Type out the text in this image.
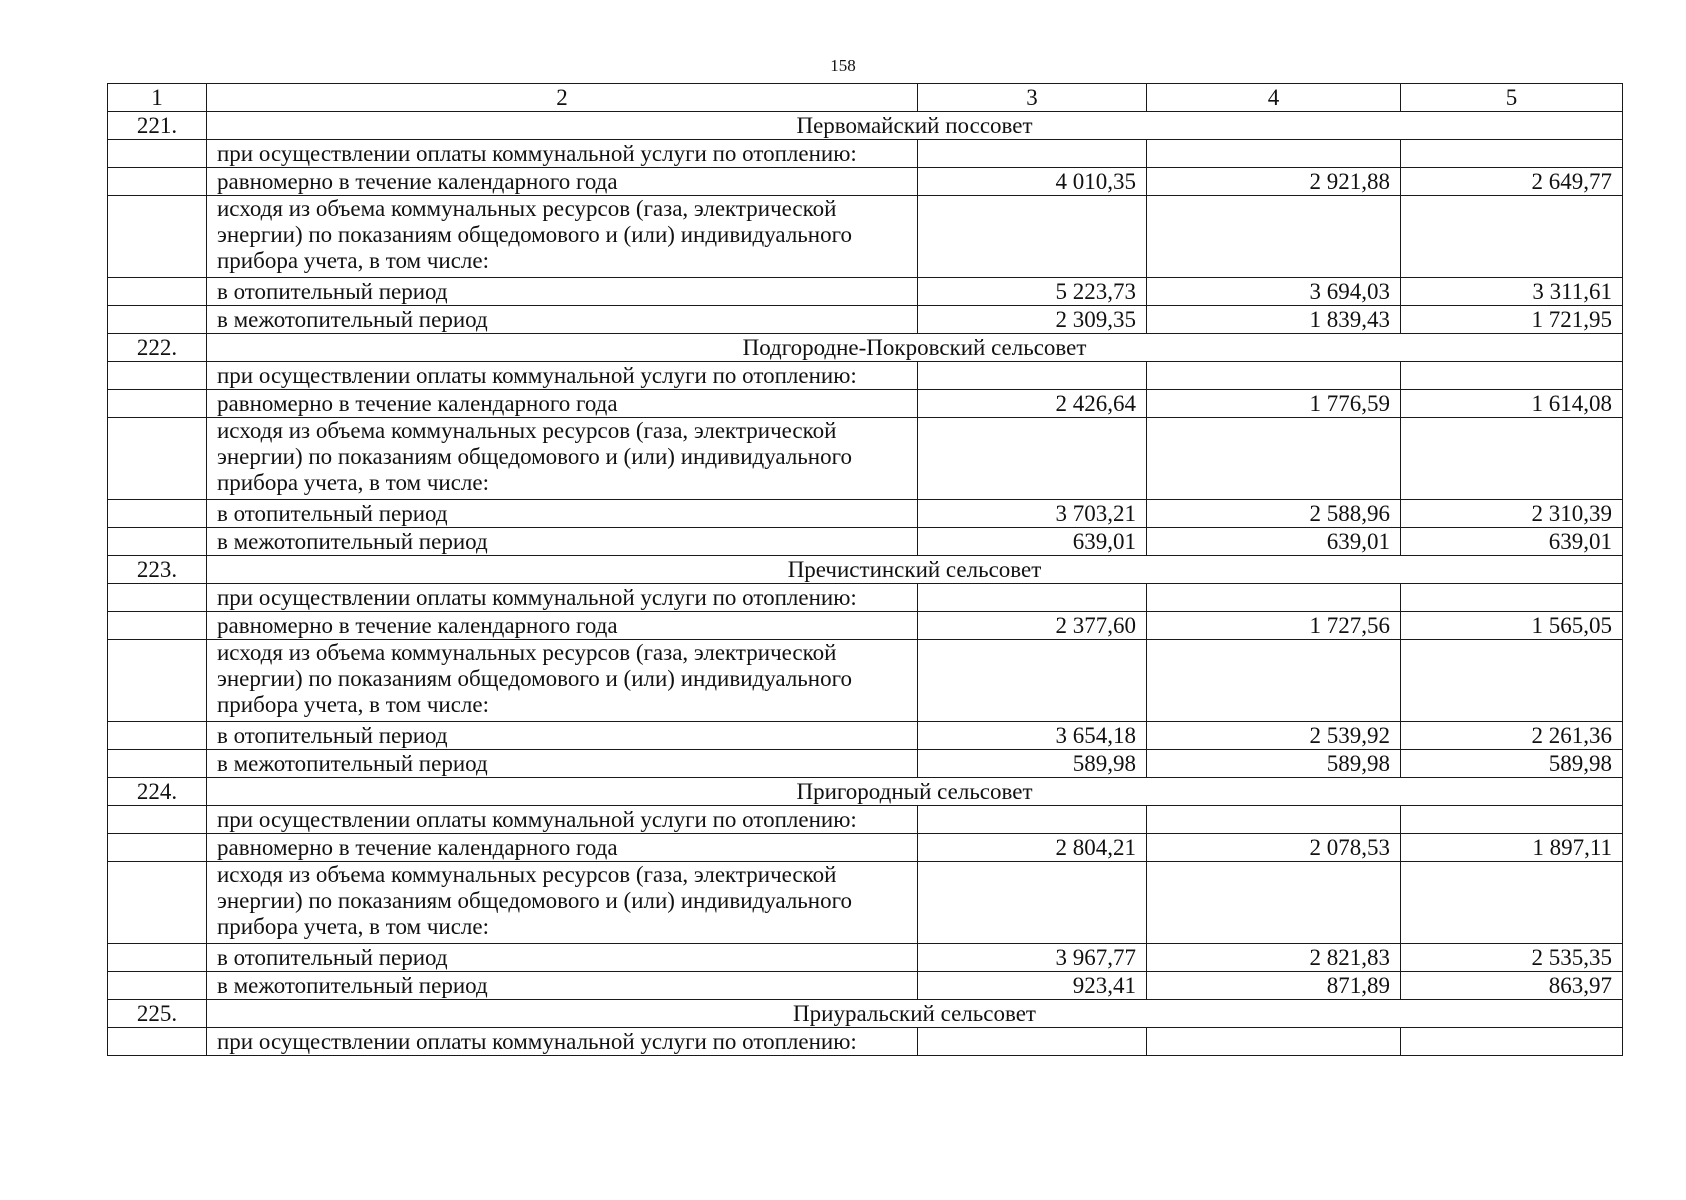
158
1	2	3	4	5
221.	Первомайский поссовет			
	при осуществлении оплаты коммунальной услуги по отоплению:			
	равномерно в течение календарного года	4 010,35	2 921,88	2 649,77
	исходя из объема коммунальных ресурсов (газа, электрической энергии) по показаниям общедомового и (или) индивидуального прибора учета, в том числе:			
	в отопительный период	5 223,73	3 694,03	3 311,61
	в межотопительный период	2 309,35	1 839,43	1 721,95
222.	Подгородне-Покровский сельсовет			
	при осуществлении оплаты коммунальной услуги по отоплению:			
	равномерно в течение календарного года	2 426,64	1 776,59	1 614,08
	исходя из объема коммунальных ресурсов (газа, электрической энергии) по показаниям общедомового и (или) индивидуального прибора учета, в том числе:			
	в отопительный период	3 703,21	2 588,96	2 310,39
	в межотопительный период	639,01	639,01	639,01
223.	Пречистинский сельсовет			
	при осуществлении оплаты коммунальной услуги по отоплению:			
	равномерно в течение календарного года	2 377,60	1 727,56	1 565,05
	исходя из объема коммунальных ресурсов (газа, электрической энергии) по показаниям общедомового и (или) индивидуального прибора учета, в том числе:			
	в отопительный период	3 654,18	2 539,92	2 261,36
	в межотопительный период	589,98	589,98	589,98
224.	Пригородный сельсовет			
	при осуществлении оплаты коммунальной услуги по отоплению:			
	равномерно в течение календарного года	2 804,21	2 078,53	1 897,11
	исходя из объема коммунальных ресурсов (газа, электрической энергии) по показаниям общедомового и (или) индивидуального прибора учета, в том числе:			
	в отопительный период	3 967,77	2 821,83	2 535,35
	в межотопительный период	923,41	871,89	863,97
225.	Приуральский сельсовет			
	при осуществлении оплаты коммунальной услуги по отоплению:			
